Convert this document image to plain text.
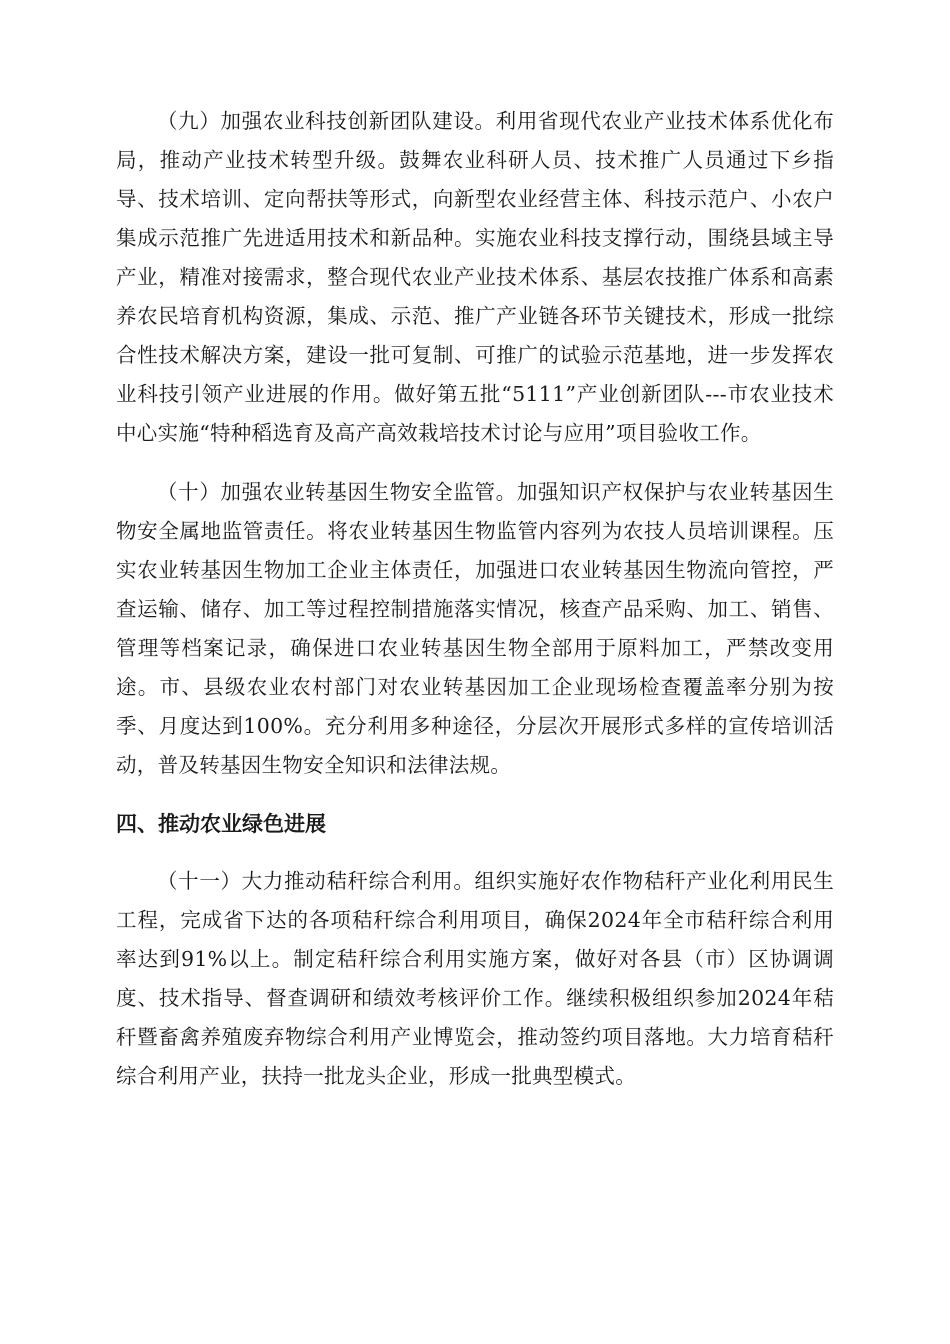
（九）加强农业科技创新团队建设。利用省现代农业产业技术体系优化布局，推动产业技术转型升级。鼓舞农业科研人员、技术推广人员通过下乡指导、技术培训、定向帮扶等形式，向新型农业经营主体、科技示范户、小农户集成示范推广先进适用技术和新品种。实施农业科技支撑行动，围绕县域主导产业，精准对接需求，整合现代农业产业技术体系、基层农技推广体系和高素养农民培育机构资源，集成、示范、推广产业链各环节关键技术，形成一批综合性技术解决方案，建设一批可复制、可推广的试验示范基地，进一步发挥农业科技引领产业进展的作用。做好第五批“5111”产业创新团队---市农业技术中心实施“特种稻选育及高产高效栽培技术讨论与应用”项目验收工作。

（十）加强农业转基因生物安全监管。加强知识产权保护与农业转基因生物安全属地监管责任。将农业转基因生物监管内容列为农技人员培训课程。压实农业转基因生物加工企业主体责任，加强进口农业转基因生物流向管控，严查运输、储存、加工等过程控制措施落实情况，核查产品采购、加工、销售、管理等档案记录，确保进口农业转基因生物全部用于原料加工，严禁改变用途。市、县级农业农村部门对农业转基因加工企业现场检查覆盖率分别为按季、月度达到100%。充分利用多种途径，分层次开展形式多样的宣传培训活动，普及转基因生物安全知识和法律法规。

四、推动农业绿色进展

（十一）大力推动秸秆综合利用。组织实施好农作物秸秆产业化利用民生工程，完成省下达的各项秸秆综合利用项目，确保2024年全市秸秆综合利用率达到91%以上。制定秸秆综合利用实施方案，做好对各县（市）区协调调度、技术指导、督查调研和绩效考核评价工作。继续积极组织参加2024年秸秆暨畜禽养殖废弃物综合利用产业博览会，推动签约项目落地。大力培育秸秆综合利用产业，扶持一批龙头企业，形成一批典型模式。
